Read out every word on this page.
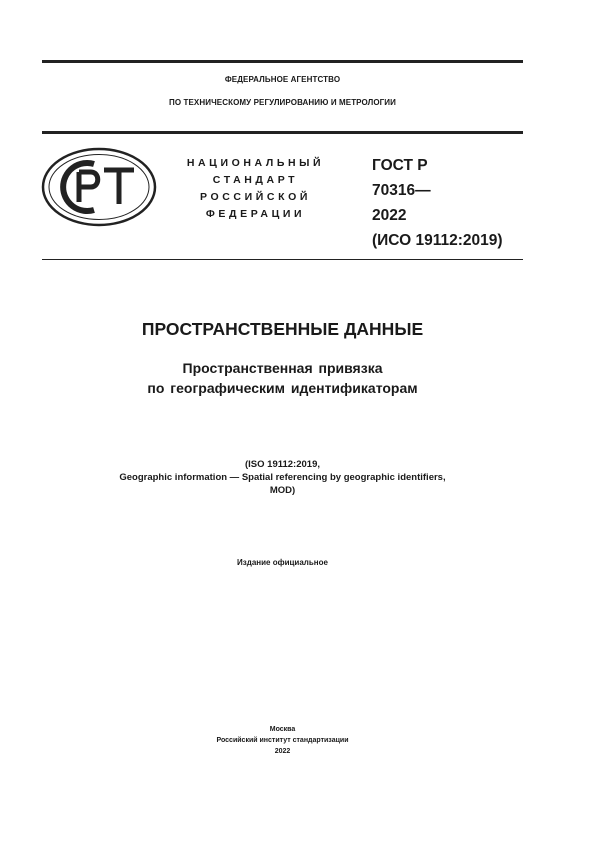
ФЕДЕРАЛЬНОЕ АГЕНТСТВО
ПО ТЕХНИЧЕСКОМУ РЕГУЛИРОВАНИЮ И МЕТРОЛОГИИ
НАЦИОНАЛЬНЫЙ
СТАНДАРТ
РОССИЙСКОЙ
ФЕДЕРАЦИИ
ГОСТ Р
70316—
2022
(ИСО 19112:2019)
ПРОСТРАНСТВЕННЫЕ ДАННЫЕ
Пространственная привязка
по географическим идентификаторам
(ISO 19112:2019,
Geographic information — Spatial referencing by geographic identifiers,
MOD)
Издание официальное
Москва
Российский институт стандартизации
2022
